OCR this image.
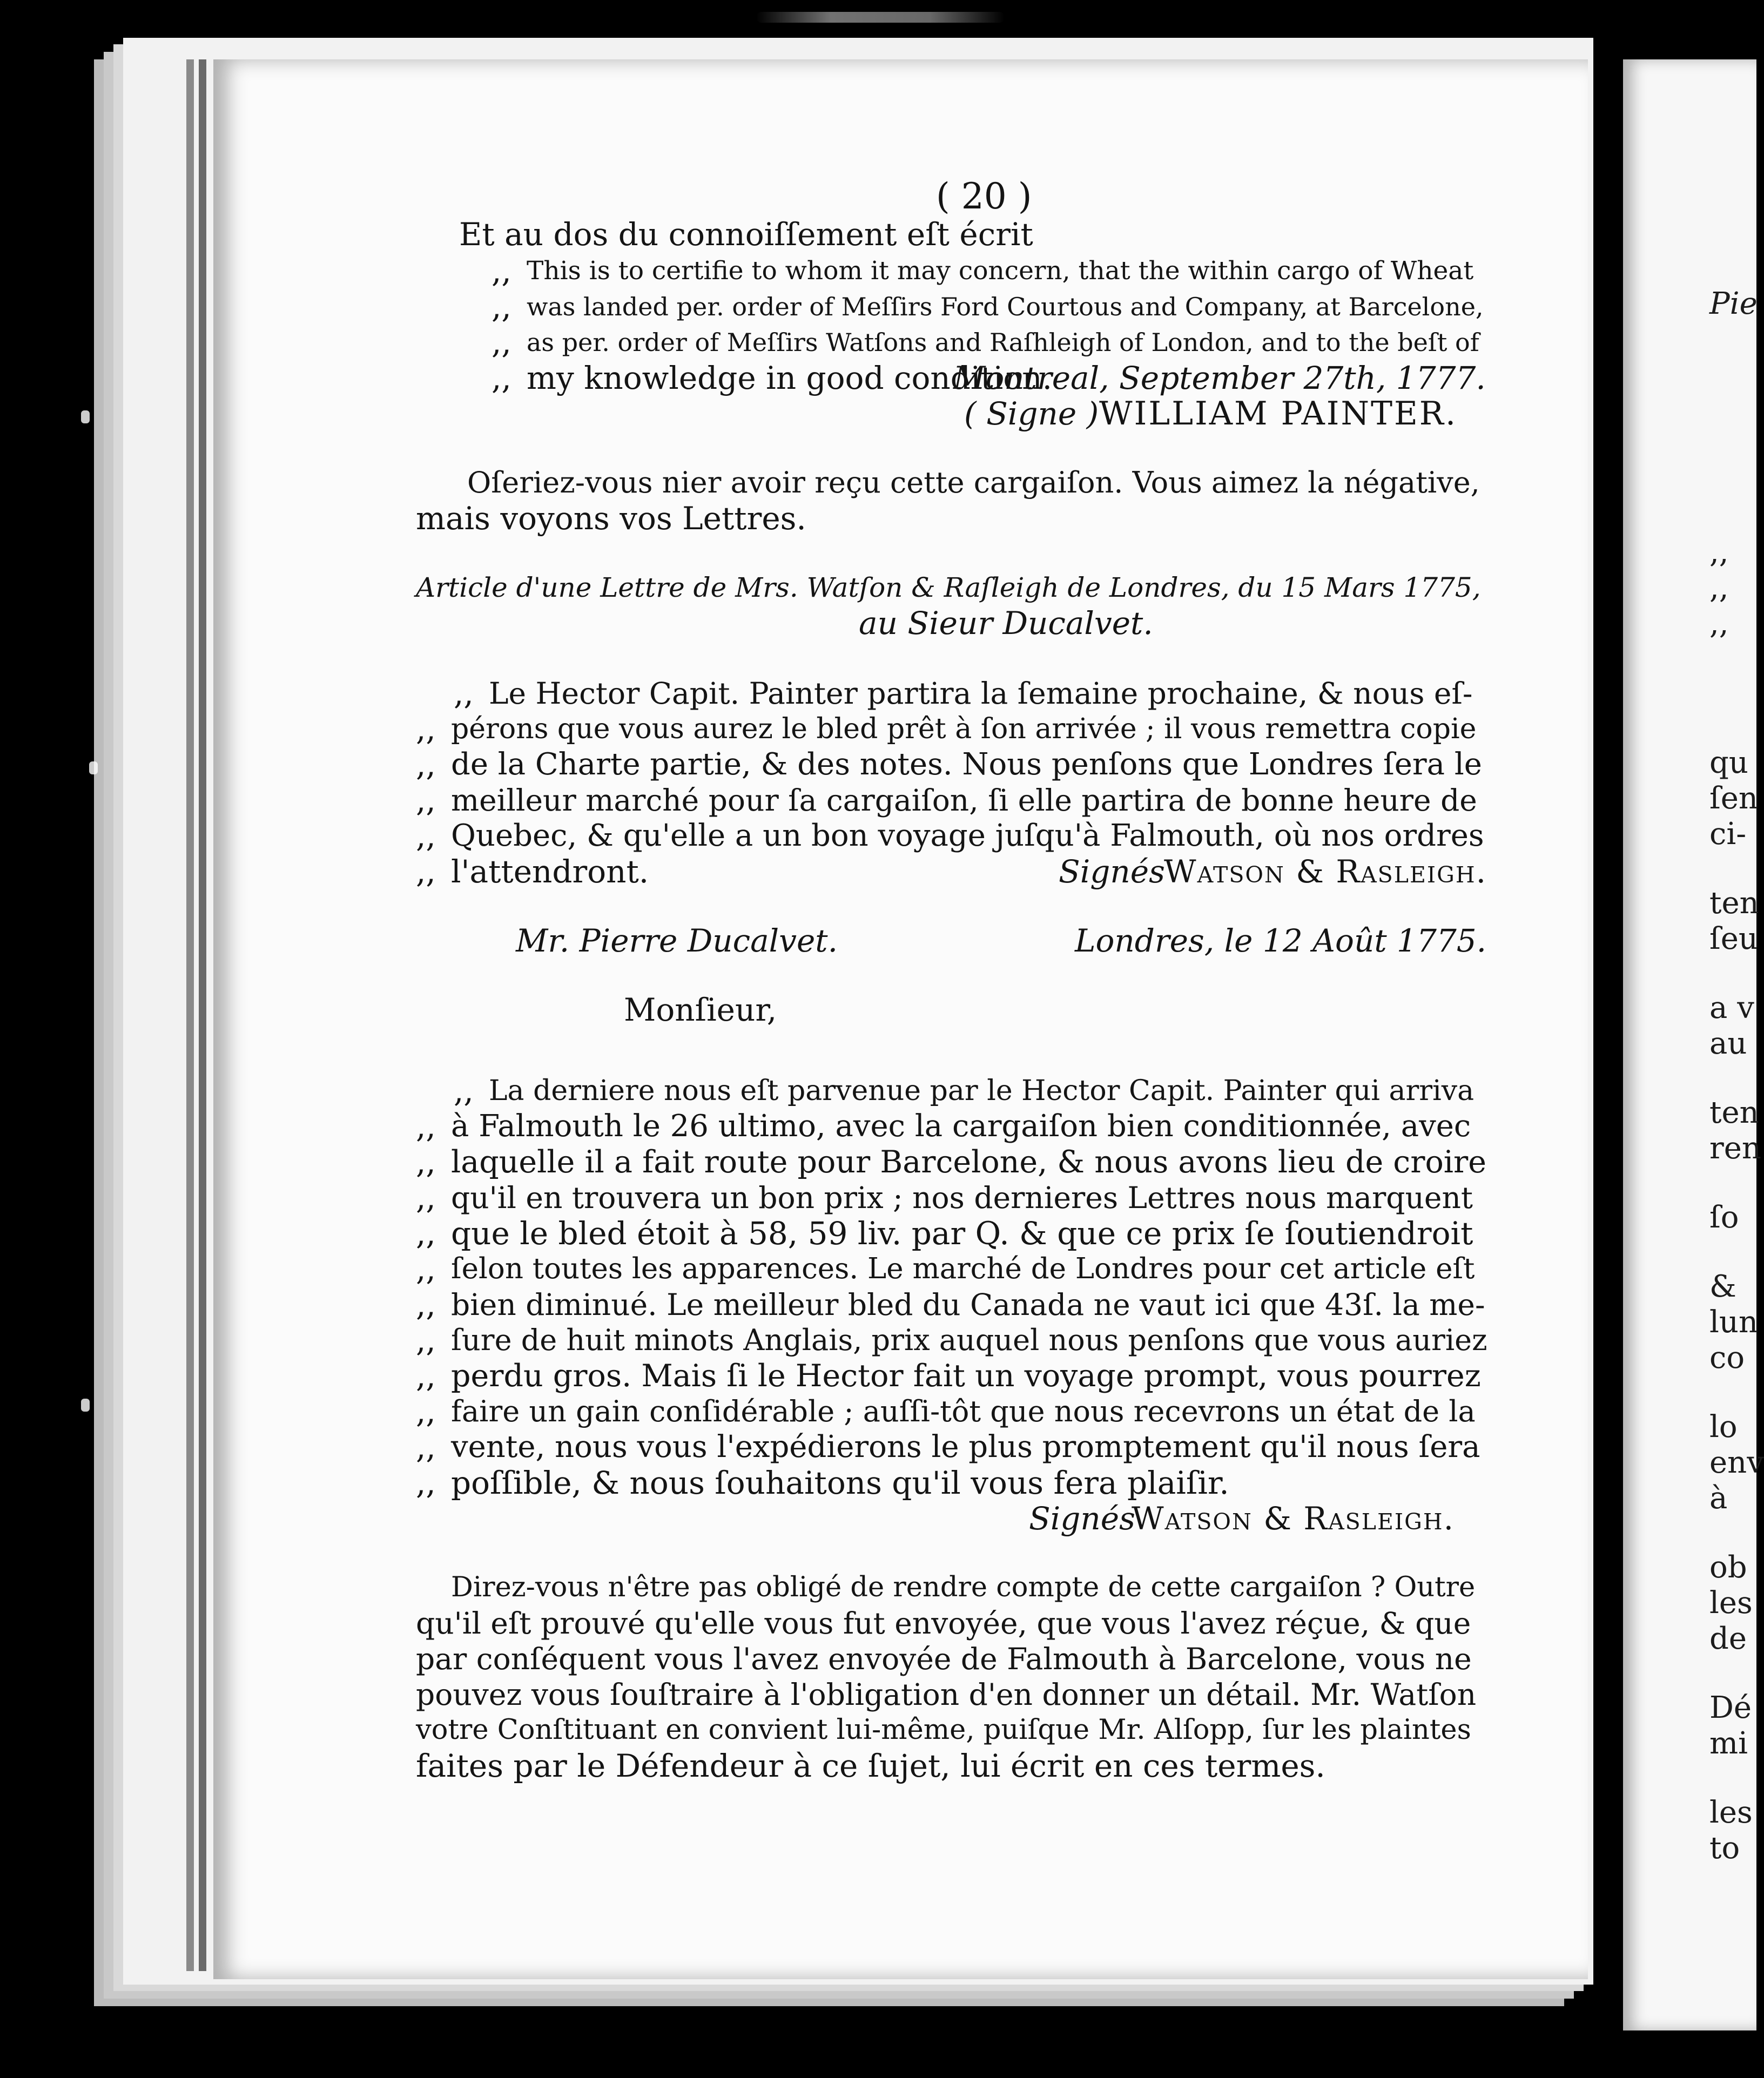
( 20 )
Et au dos du connoiſſement eſt écrit
,, This is to certifie to whom it may concern, that the within cargo of Wheat
,, was landed per. order of Meſſirs Ford Courtous and Company, at Barcelone,
,, as per. order of Meſſirs Watſons and Raſhleigh of London, and to the beſt of
,, my knowledge in good condition.
Montreal, September 27th, 1777.
( Signe ) WILLIAM PAINTER.
Oſeriez-vous nier avoir reçu cette cargaiſon. Vous aimez la négative,
mais voyons vos Lettres.
Article d'une Lettre de Mrs. Watſon & Raſleigh de Londres, du 15 Mars 1775,
au Sieur Ducalvet.
,, Le Hector Capit. Painter partira la ſemaine prochaine, & nous eſ-
,, pérons que vous aurez le bled prêt à ſon arrivée ; il vous remettra copie
,, de la Charte partie, & des notes. Nous penſons que Londres ſera le
,, meilleur marché pour ſa cargaiſon, ſi elle partira de bonne heure de
,, Quebec, & qu'elle a un bon voyage juſqu'à Falmouth, où nos ordres
,, l'attendront.	Signés
Watson & Rasleigh.
Mr. Pierre Ducalvet.	Londres, le 12 Août 1775.
Monſieur,
,, La derniere nous eſt parvenue par le Hector Capit. Painter qui arriva
,, à Falmouth le 26 ultimo, avec la cargaiſon bien conditionnée, avec
,, laquelle il a fait route pour Barcelone, & nous avons lieu de croire
,, qu'il en trouvera un bon prix ; nos dernieres Lettres nous marquent
,, que le bled étoit à 58, 59 liv. par Q. & que ce prix ſe ſoutiendroit
,, ſelon toutes les apparences. Le marché de Londres pour cet article eſt
,, bien diminué. Le meilleur bled du Canada ne vaut ici que 43ſ. la me-
,, ſure de huit minots Anglais, prix auquel nous penſons que vous auriez
,, perdu gros. Mais ſi le Hector fait un voyage prompt, vous pourrez
,, faire un gain conſidérable ; auſſi-tôt que nous recevrons un état de la
,, vente, nous vous l'expédierons le plus promptement qu'il nous ſera
,, poſſible, & nous ſouhaitons qu'il vous fera plaiſir.
Signés
Watson & Rasleigh.
Direz-vous n'être pas obligé de rendre compte de cette cargaiſon ? Outre
qu'il eſt prouvé qu'elle vous fut envoyée, que vous l'avez réçue, & que
par conſéquent vous l'avez envoyée de Falmouth à Barcelone, vous ne
pouvez vous ſouſtraire à l'obligation d'en donner un détail. Mr. Watſon
votre Conſtituant en convient lui-même, puiſque Mr. Alſopp, ſur les plaintes
faites par le Défendeur à ce ſujet, lui écrit en ces termes.
Pie
,,
,,
,,
qu
ſen
ci-
ten
ſeu
a v
au
ten
ren
ſo
&
lun
co
lo
env
à
ob
les
de
Dé
mi
les
to
